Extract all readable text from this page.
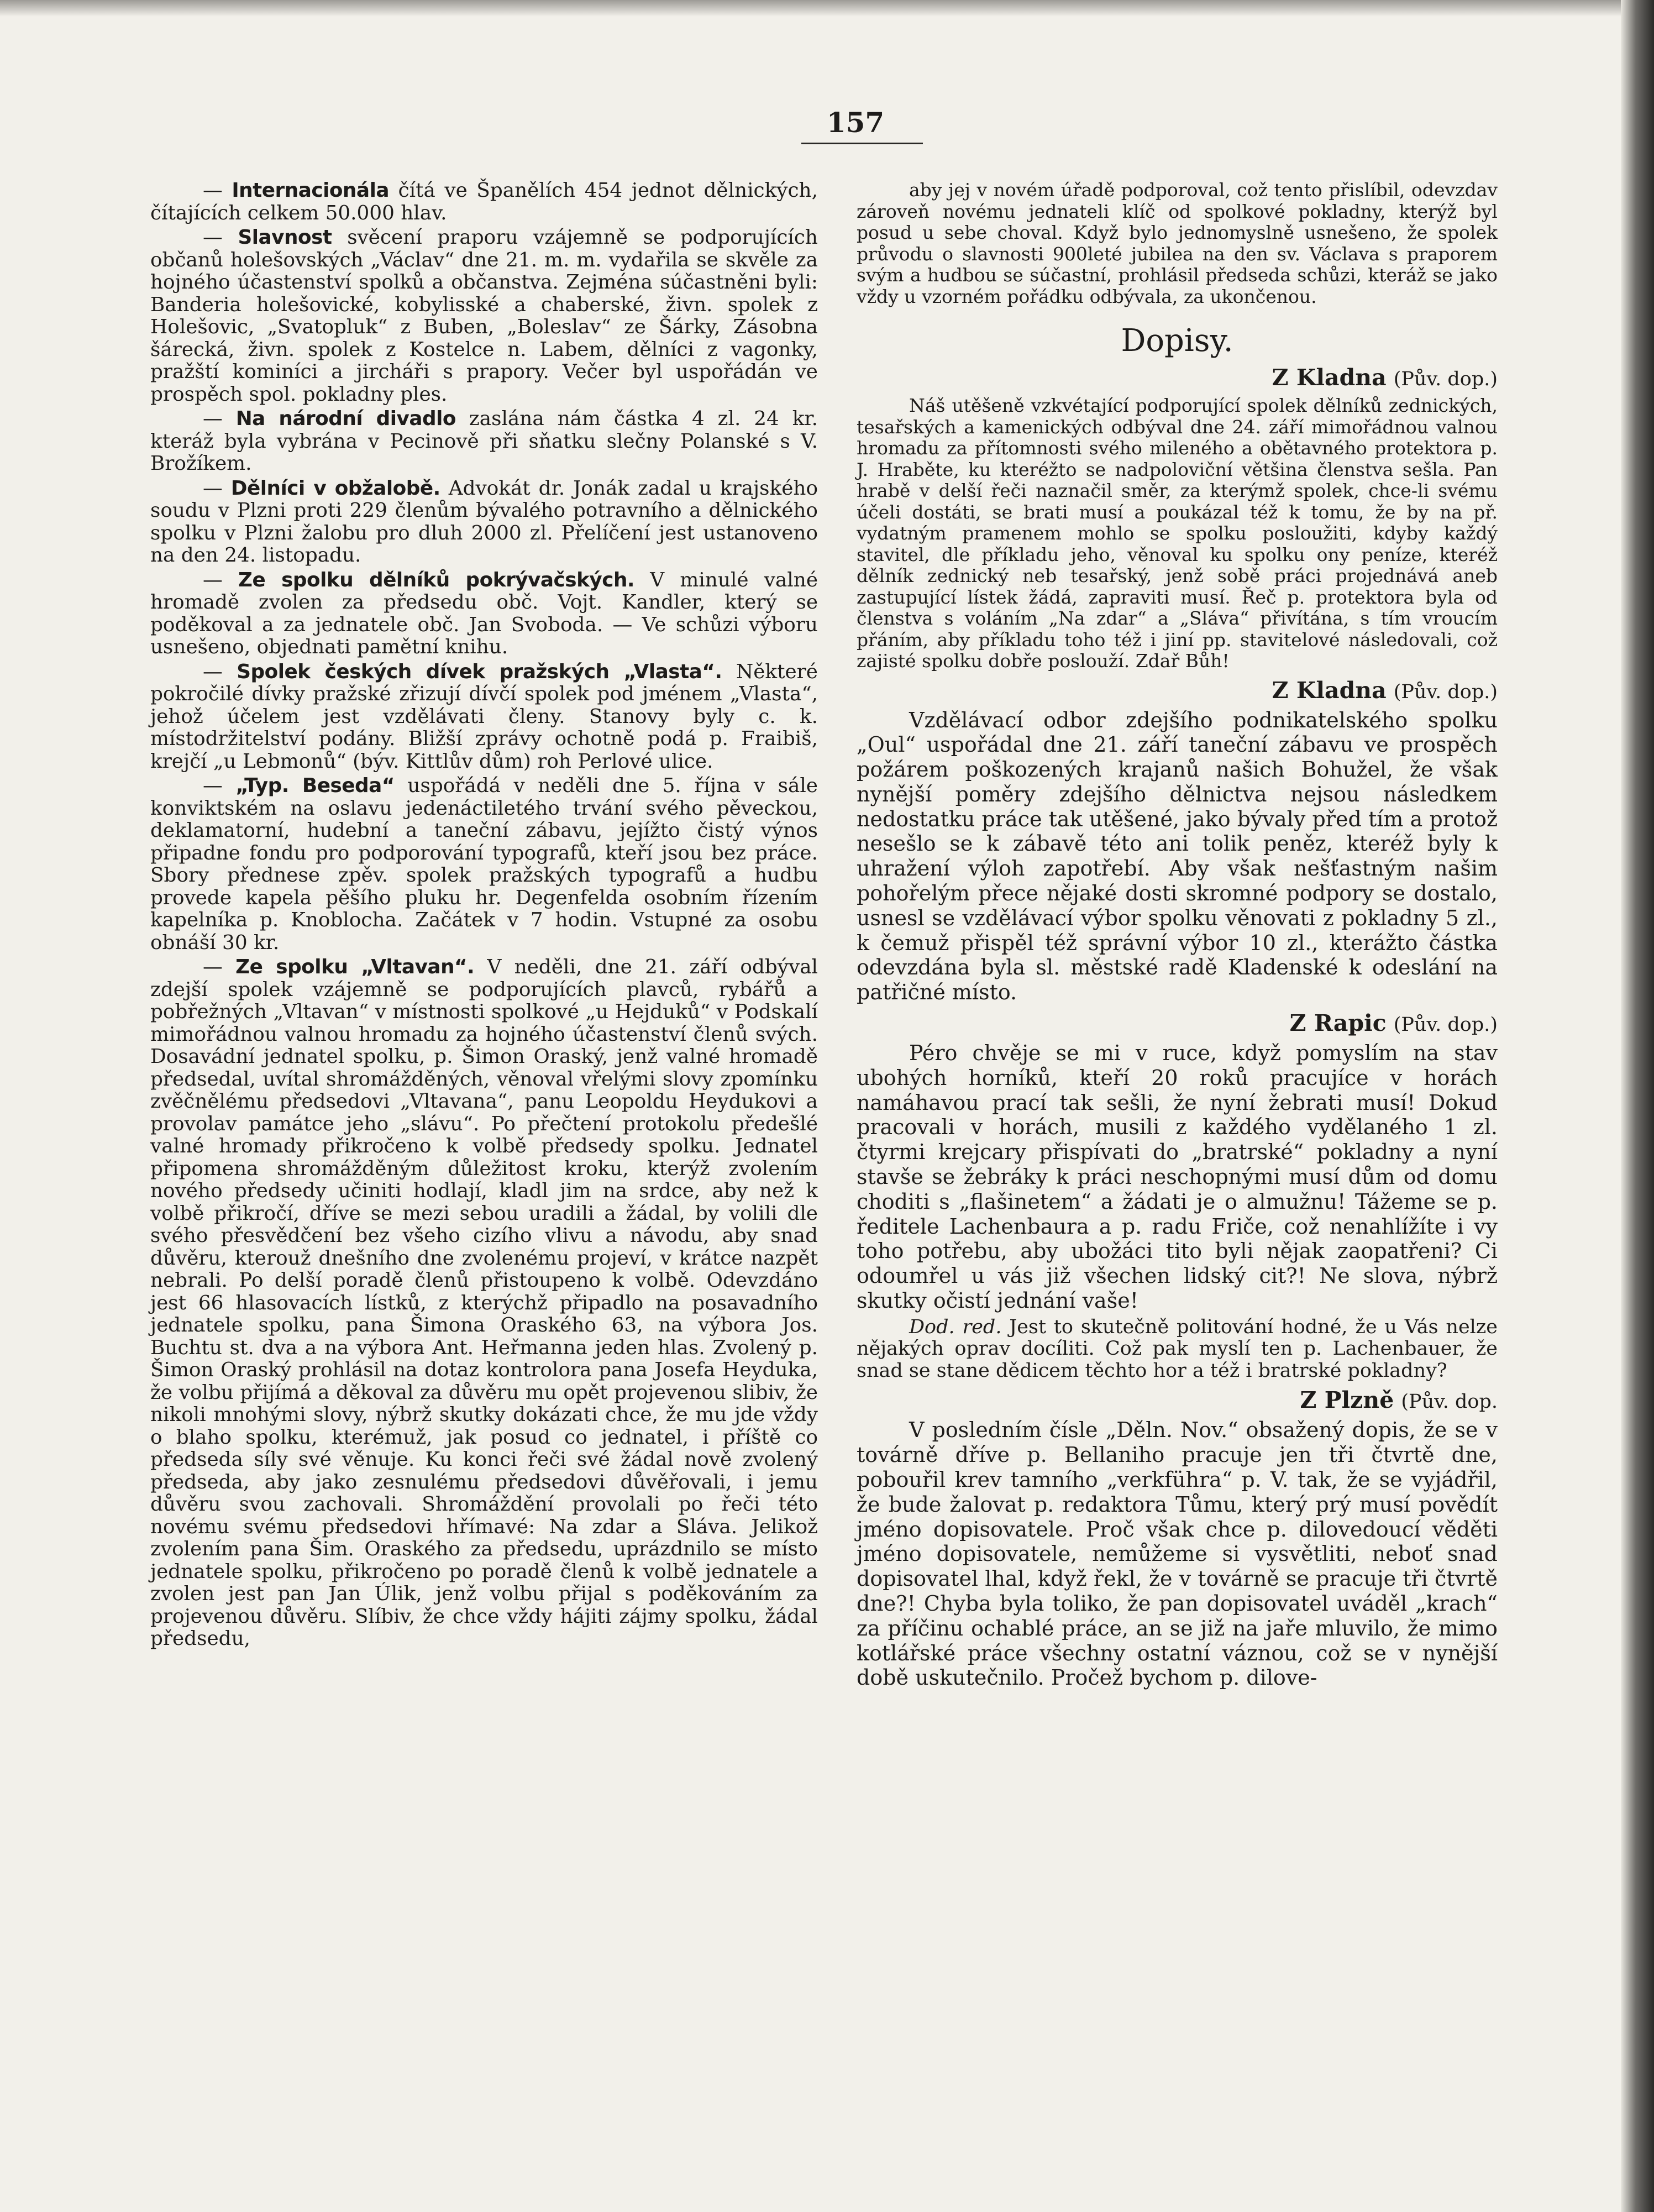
157

— Internacionála čítá ve Španělích 454 jednot dělnických, čítajících celkem 50.000 hlav.

— Slavnost svěcení praporu vzájemně se podporujících občanů holešovských „Václav“ dne 21. m. m. vydařila se skvěle za hojného účastenství spolků a občanstva. Zejména súčastněni byli: Banderia holešovické, kobylisské a chaberské, živn. spolek z Holešovic, „Svatopluk“ z Buben, „Boleslav“ ze Šárky, Zásobna šárecká, živn. spolek z Kostelce n. Labem, dělníci z vagonky, pražští kominíci a jircháři s prapory. Večer byl uspořádán ve prospěch spol. pokladny ples.

— Na národní divadlo zaslána nám částka 4 zl. 24 kr. kteráž byla vybrána v Pecinově při sňatku slečny Polanské s V. Brožíkem.

— Dělníci v obžalobě. Advokát dr. Jonák zadal u krajského soudu v Plzni proti 229 členům bývalého potravního a dělnického spolku v Plzni žalobu pro dluh 2000 zl. Přelíčení jest ustanoveno na den 24. listopadu.

— Ze spolku dělníků pokrývačských. V minulé valné hromadě zvolen za předsedu obč. Vojt. Kandler, který se poděkoval a za jednatele obč. Jan Svoboda. — Ve schůzi výboru usnešeno, objednati pamětní knihu.

— Spolek českých dívek pražských „Vlasta“. Některé pokročilé dívky pražské zřizují dívčí spolek pod jménem „Vlasta“, jehož účelem jest vzdělávati členy. Stanovy byly c. k. místodržitelství podány. Bližší zprávy ochotně podá p. Fraibiš, krejčí „u Lebmonů“ (býv. Kittlův dům) roh Perlové ulice.

— „Typ. Beseda“ uspořádá v neděli dne 5. října v sále konviktském na oslavu jedenáctiletého trvání svého pěveckou, deklamatorní, hudební a taneční zábavu, jejížto čistý výnos připadne fondu pro podporování typografů, kteří jsou bez práce. Sbory přednese zpěv. spolek pražských typografů a hudbu provede kapela pěšího pluku hr. Degenfelda osobním řízením kapelníka p. Knoblocha. Začátek v 7 hodin. Vstupné za osobu obnáší 30 kr.

— Ze spolku „Vltavan“. V neděli, dne 21. září odbýval zdejší spolek vzájemně se podporujících plavců, rybářů a pobřežných „Vltavan“ v místnosti spolkové „u Hejduků“ v Podskalí mimořádnou valnou hromadu za hojného účastenství členů svých. Dosavádní jednatel spolku, p. Šimon Oraský, jenž valné hromadě předsedal, uvítal shromážděných, věnoval vřelými slovy zpomínku zvěčnělému předsedovi „Vltavana“, panu Leopoldu Heydukovi a provolav památce jeho „slávu“. Po přečtení protokolu předešlé valné hromady přikročeno k volbě předsedy spolku. Jednatel připomena shromážděným důležitost kroku, kterýž zvolením nového předsedy učiniti hodlají, kladl jim na srdce, aby než k volbě přikročí, dříve se mezi sebou uradili a žádal, by volili dle svého přesvědčení bez všeho cizího vlivu a návodu, aby snad důvěru, kterouž dnešního dne zvolenému projeví, v krátce nazpět nebrali. Po delší poradě členů přistoupeno k volbě. Odevzdáno jest 66 hlasovacích lístků, z kterýchž připadlo na posavadního jednatele spolku, pana Šimona Oraského 63, na výbora Jos. Buchtu st. dva a na výbora Ant. Heřmanna jeden hlas. Zvolený p. Šimon Oraský prohlásil na dotaz kontrolora pana Josefa Heyduka, že volbu přijímá a děkoval za důvěru mu opět projevenou slibiv, že nikoli mnohými slovy, nýbrž skutky dokázati chce, že mu jde vždy o blaho spolku, kterémuž, jak posud co jednatel, i příště co předseda síly své věnuje. Ku konci řeči své žádal nově zvolený předseda, aby jako zesnulému předsedovi důvěřovali, i jemu důvěru svou zachovali. Shromáždění provolali po řeči této novému svému předsedovi hřímavé: Na zdar a Sláva. Jelikož zvolením pana Šim. Oraského za předsedu, uprázdnilo se místo jednatele spolku, přikročeno po poradě členů k volbě jednatele a zvolen jest pan Jan Úlik, jenž volbu přijal s poděkováním za projevenou důvěru. Slíbiv, že chce vždy hájiti zájmy spolku, žádal předsedu,

aby jej v novém úřadě podporoval, což tento přislíbil, odevzdav zároveň novému jednateli klíč od spolkové pokladny, kterýž byl posud u sebe choval. Když bylo jednomyslně usnešeno, že spolek průvodu o slavnosti 900leté jubilea na den sv. Václava s praporem svým a hudbou se súčastní, prohlásil předseda schůzi, kteráž se jako vždy u vzorném pořádku odbývala, za ukončenou.

Dopisy.
Z Kladna (Pův. dop.)

Náš utěšeně vzkvétající podporující spolek dělníků zednických, tesařských a kamenických odbýval dne 24. září mimořádnou valnou hromadu za přítomnosti svého mileného a obětavného protektora p. J. Hraběte, ku kteréžto se nadpoloviční většina členstva sešla. Pan hrabě v delší řeči naznačil směr, za kterýmž spolek, chce-li svému účeli dostáti, se brati musí a poukázal též k tomu, že by na př. vydatným pramenem mohlo se spolku posloužiti, kdyby každý stavitel, dle příkladu jeho, věnoval ku spolku ony peníze, kteréž dělník zednický neb tesařský, jenž sobě práci projednává aneb zastupující lístek žádá, zapraviti musí. Řeč p. protektora byla od členstva s voláním „Na zdar“ a „Sláva“ přivítána, s tím vroucím přáním, aby příkladu toho též i jiní pp. stavitelové následovali, což zajisté spolku dobře poslouží. Zdař Bůh!

Z Kladna (Pův. dop.)

Vzdělávací odbor zdejšího podnikatelského spolku „Oul“ uspořádal dne 21. září taneční zábavu ve prospěch požárem poškozených krajanů našich Bohužel, že však nynější poměry zdejšího dělnictva nejsou následkem nedostatku práce tak utěšené, jako bývaly před tím a protož nesešlo se k zábavě této ani tolik peněz, kteréž byly k uhražení výloh zapotřebí. Aby však nešťastným našim pohořelým přece nějaké dosti skromné podpory se dostalo, usnesl se vzdělávací výbor spolku věnovati z pokladny 5 zl., k čemuž přispěl též správní výbor 10 zl., kterážto částka odevzdána byla sl. městské radě Kladenské k odeslání na patřičné místo.

Z Rapic (Pův. dop.)

Péro chvěje se mi v ruce, když pomyslím na stav ubohých horníků, kteří 20 roků pracujíce v horách namáhavou prací tak sešli, že nyní žebrati musí! Dokud pracovali v horách, musili z každého vydělaného 1 zl. čtyrmi krejcary přispívati do „bratrské“ pokladny a nyní stavše se žebráky k práci neschopnými musí dům od domu choditi s „flašinetem“ a žádati je o almužnu! Tážeme se p. ředitele Lachenbaura a p. radu Friče, což nenahlížíte i vy toho potřebu, aby ubožáci tito byli nějak zaopatřeni? Ci odoumřel u vás již všechen lidský cit?! Ne slova, nýbrž skutky očistí jednání vaše!

Dod. red. Jest to skutečně politování hodné, že u Vás nelze nějakých oprav docíliti. Což pak myslí ten p. Lachenbauer, že snad se stane dědicem těchto hor a též i bratrské pokladny?

Z Plzně (Pův. dop.

V posledním čísle „Děln. Nov.“ obsažený dopis, že se v továrně dříve p. Bellaniho pracuje jen tři čtvrtě dne, pobouřil krev tamního „verkführa“ p. V. tak, že se vyjádřil, že bude žalovat p. redaktora Tůmu, který prý musí povědít jméno dopisovatele. Proč však chce p. dilovedoucí věděti jméno dopisovatele, nemůžeme si vysvětliti, neboť snad dopisovatel lhal, když řekl, že v továrně se pracuje tři čtvrtě dne?! Chyba byla toliko, že pan dopisovatel uváděl „krach“ za příčinu ochablé práce, an se již na jaře mluvilo, že mimo kotlářské práce všechny ostatní váznou, což se v nynější době uskutečnilo. Pročež bychom p. dilove-
